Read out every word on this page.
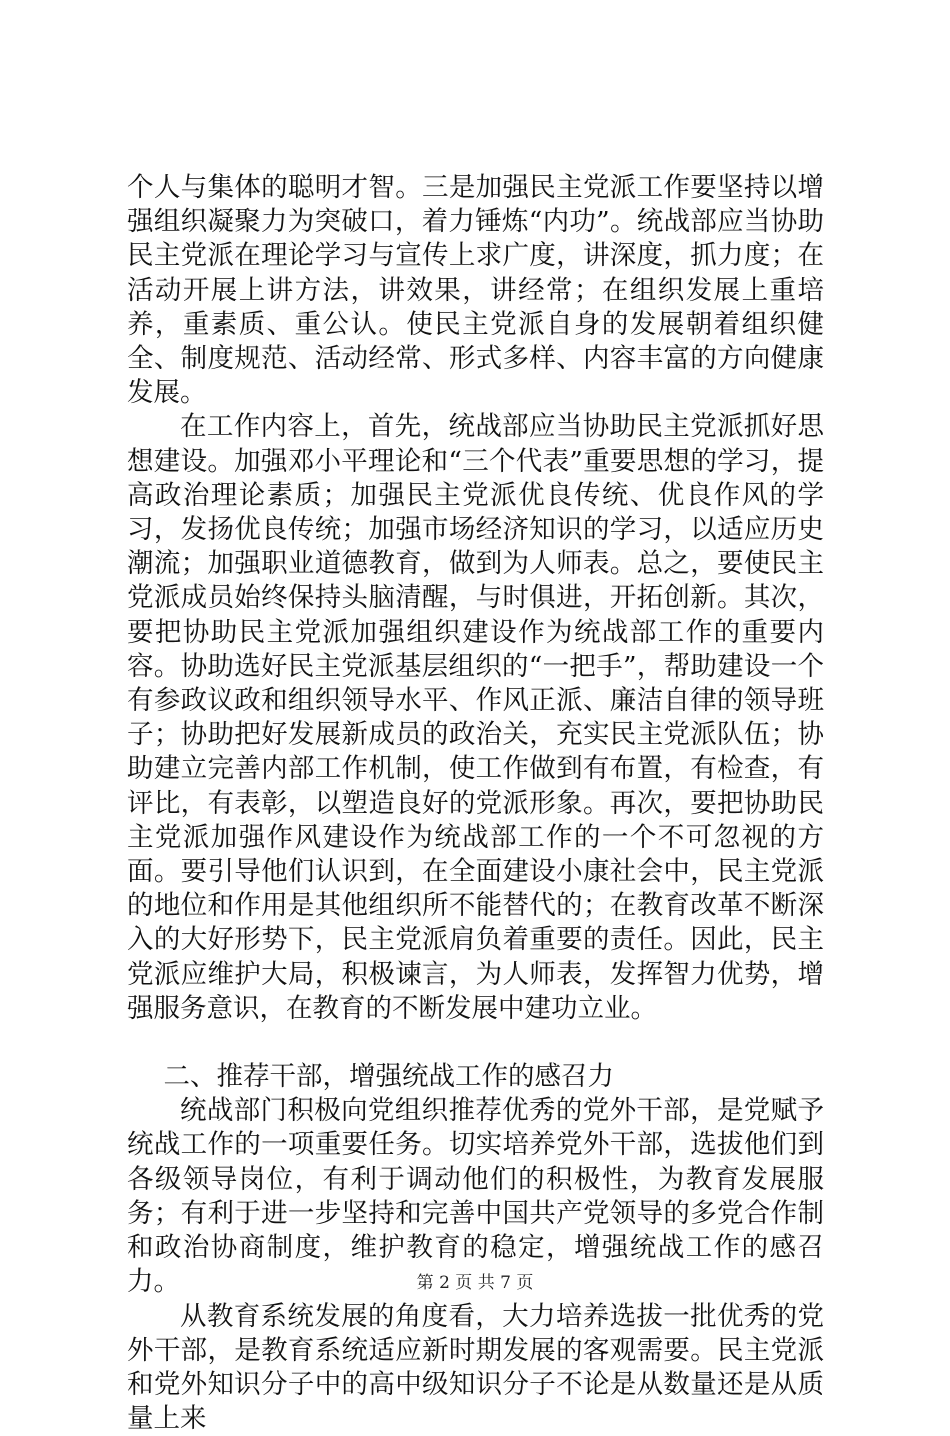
个人与集体的聪明才智。三是加强民主党派工作要坚持以增强组织凝聚力为突破口，着力锤炼“内功”。统战部应当协助民主党派在理论学习与宣传上求广度，讲深度，抓力度；在活动开展上讲方法，讲效果，讲经常；在组织发展上重培养，重素质、重公认。使民主党派自身的发展朝着组织健全、制度规范、活动经常、形式多样、内容丰富的方向健康发展。

在工作内容上，首先，统战部应当协助民主党派抓好思想建设。加强邓小平理论和“三个代表”重要思想的学习，提高政治理论素质；加强民主党派优良传统、优良作风的学习，发扬优良传统；加强市场经济知识的学习，以适应历史潮流；加强职业道德教育，做到为人师表。总之，要使民主党派成员始终保持头脑清醒，与时俱进，开拓创新。其次，要把协助民主党派加强组织建设作为统战部工作的重要内容。协助选好民主党派基层组织的“一把手”，帮助建设一个有参政议政和组织领导水平、作风正派、廉洁自律的领导班子；协助把好发展新成员的政治关，充实民主党派队伍；协助建立完善内部工作机制，使工作做到有布置，有检查，有评比，有表彰，以塑造良好的党派形象。再次，要把协助民主党派加强作风建设作为统战部工作的一个不可忽视的方面。要引导他们认识到，在全面建设小康社会中，民主党派的地位和作用是其他组织所不能替代的；在教育改革不断深入的大好形势下，民主党派肩负着重要的责任。因此，民主党派应维护大局，积极谏言，为人师表，发挥智力优势，增强服务意识，在教育的不断发展中建功立业。

二、推荐干部，增强统战工作的感召力

统战部门积极向党组织推荐优秀的党外干部，是党赋予统战工作的一项重要任务。切实培养党外干部，选拔他们到各级领导岗位，有利于调动他们的积极性，为教育发展服务；有利于进一步坚持和完善中国共产党领导的多党合作制和政治协商制度，维护教育的稳定，增强统战工作的感召力。

从教育系统发展的角度看，大力培养选拔一批优秀的党外干部，是教育系统适应新时期发展的客观需要。民主党派和党外知识分子中的高中级知识分子不论是从数量还是从质量上来

第 2 页 共 7 页
